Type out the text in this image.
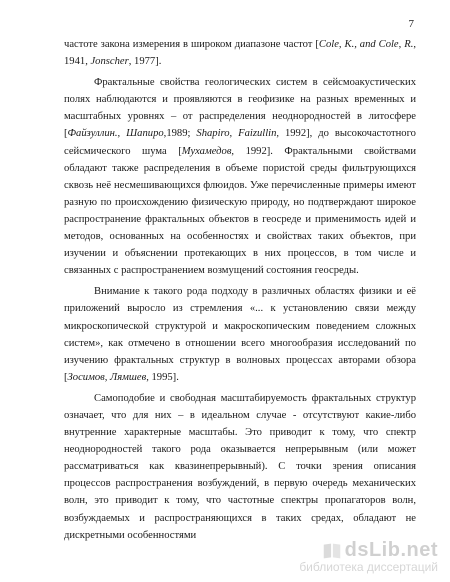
7

частоте закона измерения в широком диапазоне частот [Cole, K., and Cole, R., 1941, Jonscher, 1977].

Фрактальные свойства геологических систем в сейсмоакустических полях наблюдаются и проявляются в геофизике на разных временных и масштабных уровнях – от распределения неоднородностей в литосфере [Файзуллин., Шапиро,1989; Shapiro, Faizullin, 1992], до высокочастотного сейсмического шума [Мухамедов, 1992]. Фрактальными свойствами обладают также распределения в объеме пористой среды фильтрующихся сквозь неё несмешивающихся флюидов. Уже перечисленные примеры имеют разную по происхождению физическую природу, но подтверждают широкое распространение фрактальных объектов в геосреде и применимость идей и методов, основанных на особенностях и свойствах таких объектов, при изучении и объяснении протекающих в них процессов, в том числе и связанных с распространением возмущений состояния геосреды.

Внимание к такого рода подходу в различных областях физики и её приложений выросло из стремления «... к установлению связи между микроскопической структурой и макроскопическим поведением сложных систем», как отмечено в отношении всего многообразия исследований по изучению фрактальных структур в волновых процессах авторами обзора [Зосимов, Лямшев, 1995].

Самоподобие и свободная масштабируемость фрактальных структур означает, что для них – в идеальном случае - отсутствуют какие-либо внутренние характерные масштабы. Это приводит к тому, что спектр неоднородностей такого рода оказывается непрерывным (или может рассматриваться как квазинепрерывный). С точки зрения описания процессов распространения возбуждений, в первую очередь механических волн, это приводит к тому, что частотные спектры пропагаторов волн, возбуждаемых и распространяющихся в таких средах, обладают не дискретными особенностями

dsLib.net
библиотека диссертаций
